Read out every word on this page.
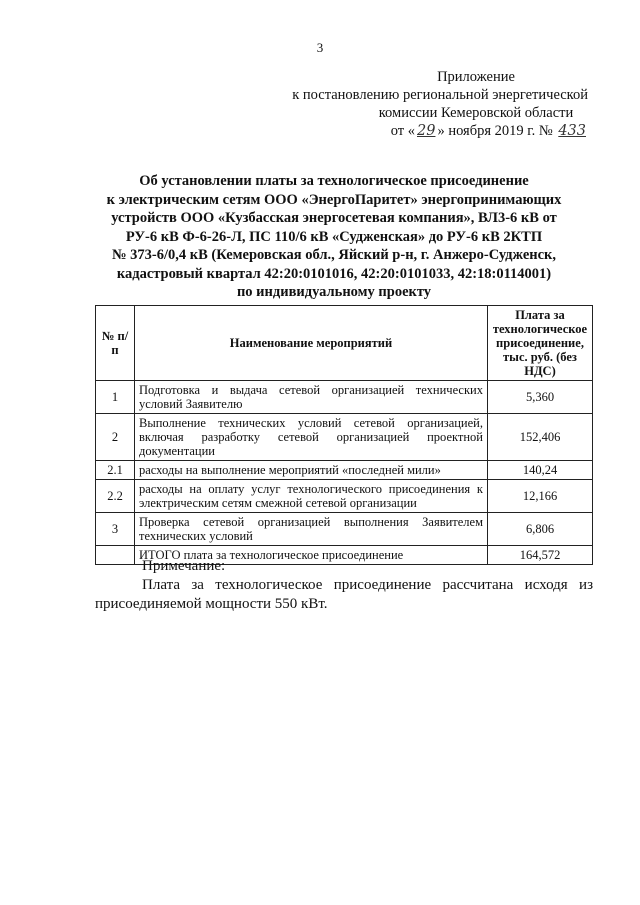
3
Приложение
к постановлению региональной энергетической
комиссии Кемеровской области
от « 29 » ноября 2019 г. № 433
Об установлении платы за технологическое присоединение
к электрическим сетям ООО «ЭнергоПаритет» энергопринимающих
устройств ООО «Кузбасская энергосетевая компания», ВЛ3-6 кВ от
РУ-6 кВ Ф-6-26-Л, ПС 110/6 кВ «Судженская» до РУ-6 кВ 2КТП
№ 373-6/0,4 кВ (Кемеровская обл., Яйский р-н, г. Анжеро-Судженск,
кадастровый квартал 42:20:0101016, 42:20:0101033, 42:18:0114001)
по индивидуальному проекту
№ п/п	Наименование мероприятий	Плата за технологическое присоединение, тыс. руб. (без НДС)
1	Подготовка и выдача сетевой организацией технических условий Заявителю	5,360
2	Выполнение технических условий сетевой организацией, включая разработку сетевой организацией проектной документации	152,406
2.1	расходы на выполнение мероприятий «последней мили»	140,24
2.2	расходы на оплату услуг технологического присоединения к электрическим сетям смежной сетевой организации	12,166
3	Проверка сетевой организацией выполнения Заявителем технических условий	6,806
	ИТОГО плата за технологическое присоединение	164,572
Примечание:
Плата за технологическое присоединение рассчитана исходя из присоединяемой мощности 550 кВт.
